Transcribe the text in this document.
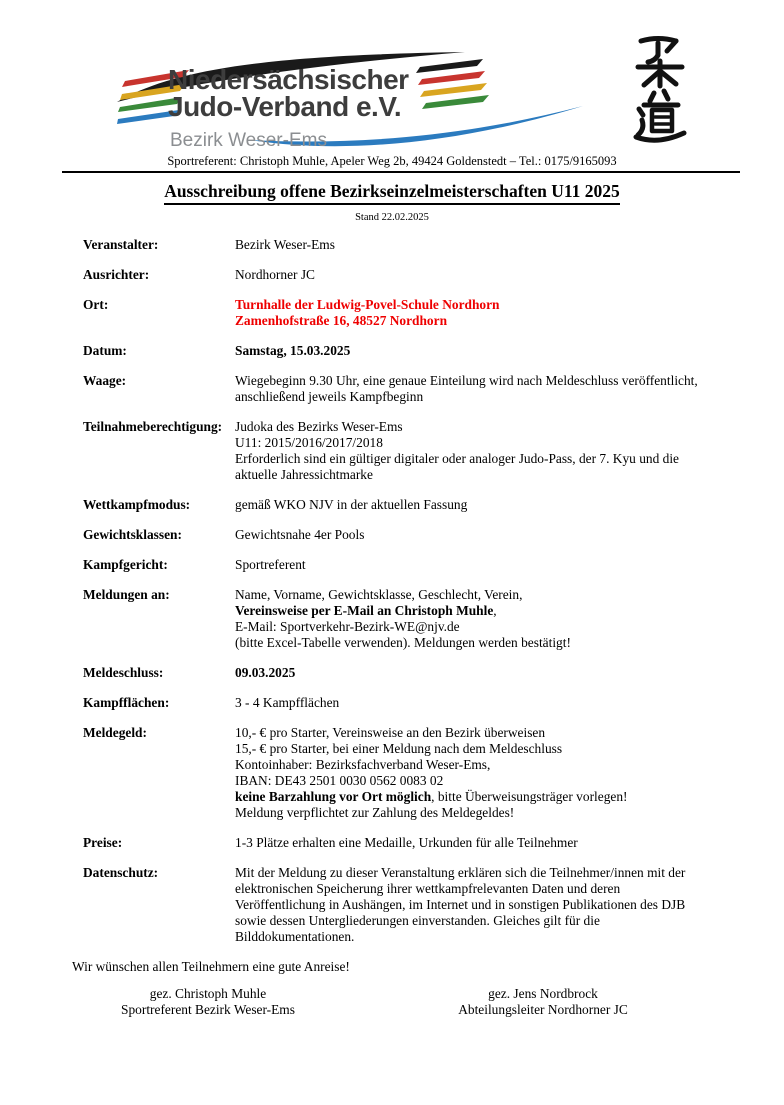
Niedersächsischer
Judo-Verband e.V.
Bezirk Weser-Ems
Sportreferent: Christoph Muhle, Apeler Weg 2b, 49424 Goldenstedt – Tel.: 0175/9165093
Ausschreibung offene Bezirkseinzelmeisterschaften U11 2025
Stand 22.02.2025
Veranstalter:	Bezirk Weser-Ems
Ausrichter:	Nordhorner JC
Ort:	Turnhalle der Ludwig-Povel-Schule Nordhorn
Zamenhofstraße 16, 48527 Nordhorn
Datum:	Samstag, 15.03.2025
Waage:	Wiegebeginn 9.30 Uhr, eine genaue Einteilung wird nach Meldeschluss veröffentlicht,
anschließend jeweils Kampfbeginn
Teilnahmeberechtigung: Judoka des Bezirks Weser-Ems
U11: 2015/2016/2017/2018
Erforderlich sind ein gültiger digitaler oder analoger Judo-Pass, der 7. Kyu und die
aktuelle Jahressichtmarke
Wettkampfmodus:	gemäß WKO NJV in der aktuellen Fassung
Gewichtsklassen:	Gewichtsnahe 4er Pools
Kampfgericht:	Sportreferent
Meldungen an:	Name, Vorname, Gewichtsklasse, Geschlecht, Verein,
Vereinsweise per E-Mail an Christoph Muhle,
E-Mail: Sportverkehr-Bezirk-WE@njv.de
(bitte Excel-Tabelle verwenden). Meldungen werden bestätigt!
Meldeschluss:	09.03.2025
Kampfflächen:	3 - 4 Kampfflächen
Meldegeld:	10,- € pro Starter, Vereinsweise an den Bezirk überweisen
15,- € pro Starter, bei einer Meldung nach dem Meldeschluss
Kontoinhaber: Bezirksfachverband Weser-Ems,
IBAN: DE43 2501 0030 0562 0083 02
keine Barzahlung vor Ort möglich, bitte Überweisungsträger vorlegen!
Meldung verpflichtet zur Zahlung des Meldegeldes!
Preise:	1-3 Plätze erhalten eine Medaille, Urkunden für alle Teilnehmer
Datenschutz:	Mit der Meldung zu dieser Veranstaltung erklären sich die Teilnehmer/innen mit der
elektronischen Speicherung ihrer wettkampfrelevanten Daten und deren
Veröffentlichung in Aushängen, im Internet und in sonstigen Publikationen des DJB
sowie dessen Untergliederungen einverstanden. Gleiches gilt für die
Bilddokumentationen.
Wir wünschen allen Teilnehmern eine gute Anreise!
gez. Christoph Muhle
Sportreferent Bezirk Weser-Ems
gez. Jens Nordbrock
Abteilungsleiter Nordhorner JC
